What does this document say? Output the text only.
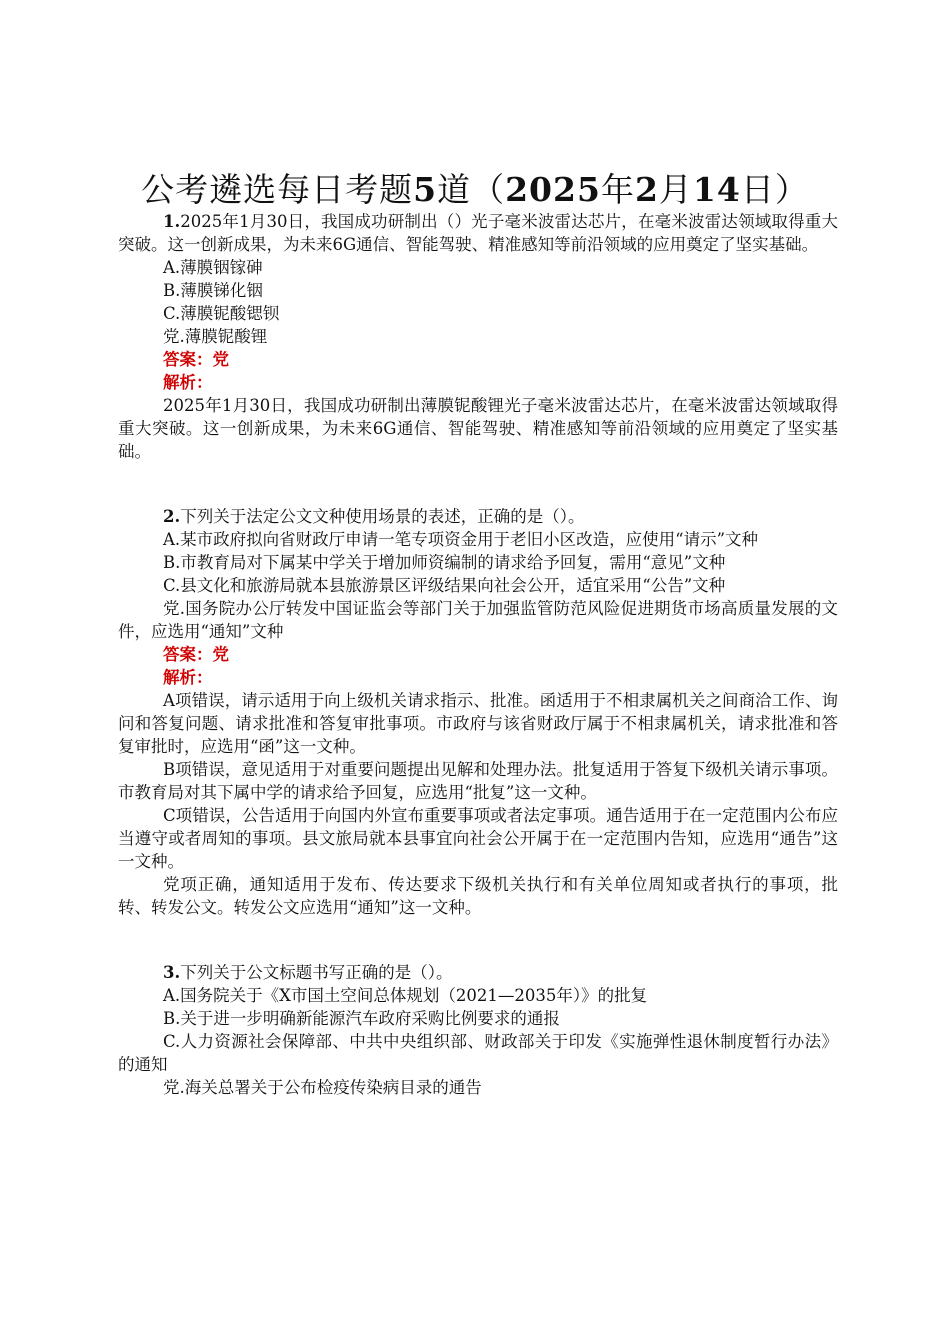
公考遴选每日考题5道（2025年2月14日）

1.2025年1月30日，我国成功研制出（）光子毫米波雷达芯片，在毫米波雷达领域取得重大突破。这一创新成果，为未来6G通信、智能驾驶、精准感知等前沿领域的应用奠定了坚实基础。

A.薄膜铟镓砷

B.薄膜锑化铟

C.薄膜铌酸锶钡

党.薄膜铌酸锂

答案：党

解析：

2025年1月30日，我国成功研制出薄膜铌酸锂光子毫米波雷达芯片，在毫米波雷达领域取得重大突破。这一创新成果，为未来6G通信、智能驾驶、精准感知等前沿领域的应用奠定了坚实基础。

2.下列关于法定公文文种使用场景的表述，正确的是（）。

A.某市政府拟向省财政厅申请一笔专项资金用于老旧小区改造，应使用“请示”文种

B.市教育局对下属某中学关于增加师资编制的请求给予回复，需用“意见”文种

C.县文化和旅游局就本县旅游景区评级结果向社会公开，适宜采用“公告”文种

党.国务院办公厅转发中国证监会等部门关于加强监管防范风险促进期货市场高质量发展的文件，应选用“通知”文种

答案：党

解析：

A项错误，请示适用于向上级机关请求指示、批准。函适用于不相隶属机关之间商洽工作、询问和答复问题、请求批准和答复审批事项。市政府与该省财政厅属于不相隶属机关，请求批准和答复审批时，应选用“函”这一文种。

B项错误，意见适用于对重要问题提出见解和处理办法。批复适用于答复下级机关请示事项。市教育局对其下属中学的请求给予回复，应选用“批复”这一文种。

C项错误，公告适用于向国内外宣布重要事项或者法定事项。通告适用于在一定范围内公布应当遵守或者周知的事项。县文旅局就本县事宜向社会公开属于在一定范围内告知，应选用“通告”这一文种。

党项正确，通知适用于发布、传达要求下级机关执行和有关单位周知或者执行的事项，批转、转发公文。转发公文应选用“通知”这一文种。

3.下列关于公文标题书写正确的是（）。

A.国务院关于《X市国土空间总体规划（2021—2035年）》的批复

B.关于进一步明确新能源汽车政府采购比例要求的通报

C.人力资源社会保障部、中共中央组织部、财政部关于印发《实施弹性退休制度暂行办法》的通知

党.海关总署关于公布检疫传染病目录的通告
